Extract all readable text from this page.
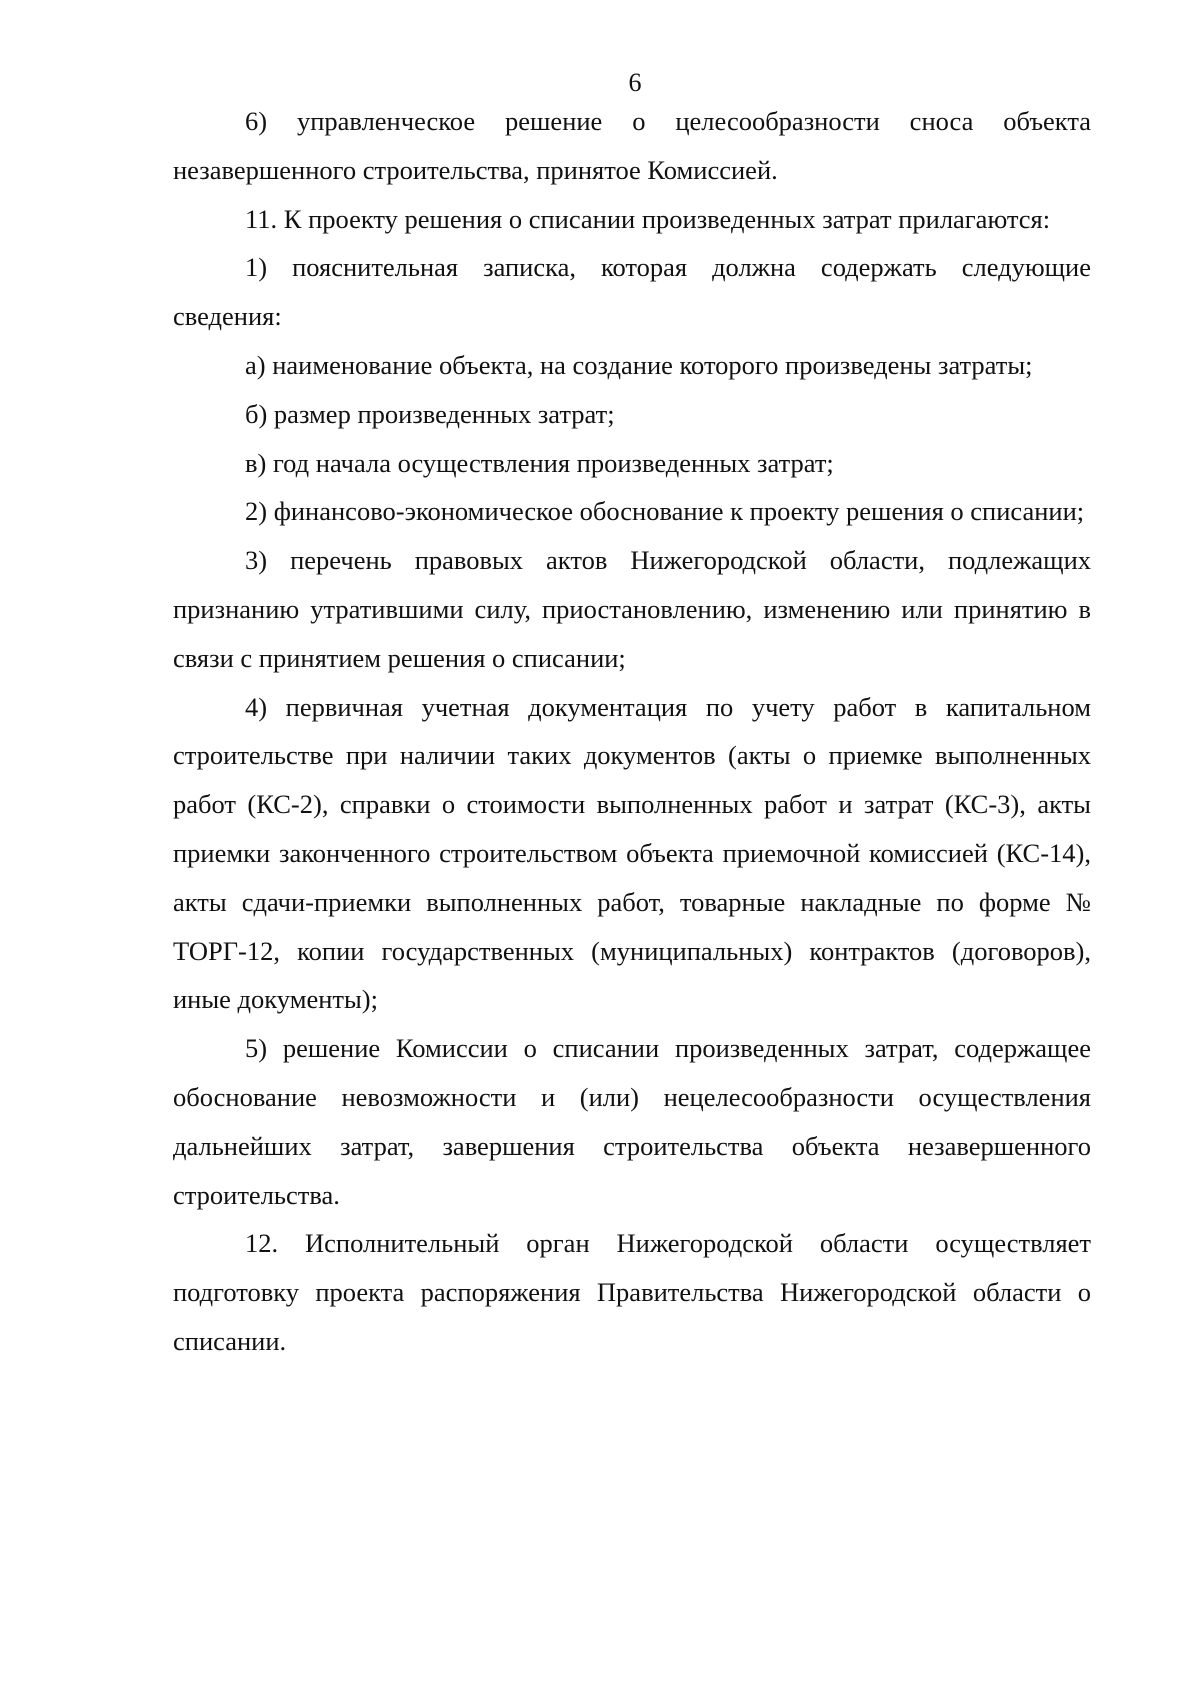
6

6) управленческое решение о целесообразности сноса объекта незавершенного строительства, принятое Комиссией.

11. К проекту решения о списании произведенных затрат прилагаются:

1) пояснительная записка, которая должна содержать следующие сведения:

а) наименование объекта, на создание которого произведены затраты;

б) размер произведенных затрат;

в) год начала осуществления произведенных затрат;

2) финансово-экономическое обоснование к проекту решения о списании;

3) перечень правовых актов Нижегородской области, подлежащих признанию утратившими силу, приостановлению, изменению или принятию в связи с принятием решения о списании;

4) первичная учетная документация по учету работ в капитальном строительстве при наличии таких документов (акты о приемке выполненных работ (КС-2), справки о стоимости выполненных работ и затрат (КС-3), акты приемки законченного строительством объекта приемочной комиссией (КС-14), акты сдачи-приемки выполненных работ, товарные накладные по форме № ТОРГ-12, копии государственных (муниципальных) контрактов (договоров), иные документы);

5) решение Комиссии о списании произведенных затрат, содержащее обоснование невозможности и (или) нецелесообразности осуществления дальнейших затрат, завершения строительства объекта незавершенного строительства.

12. Исполнительный орган Нижегородской области осуществляет подготовку проекта распоряжения Правительства Нижегородской области о списании.
